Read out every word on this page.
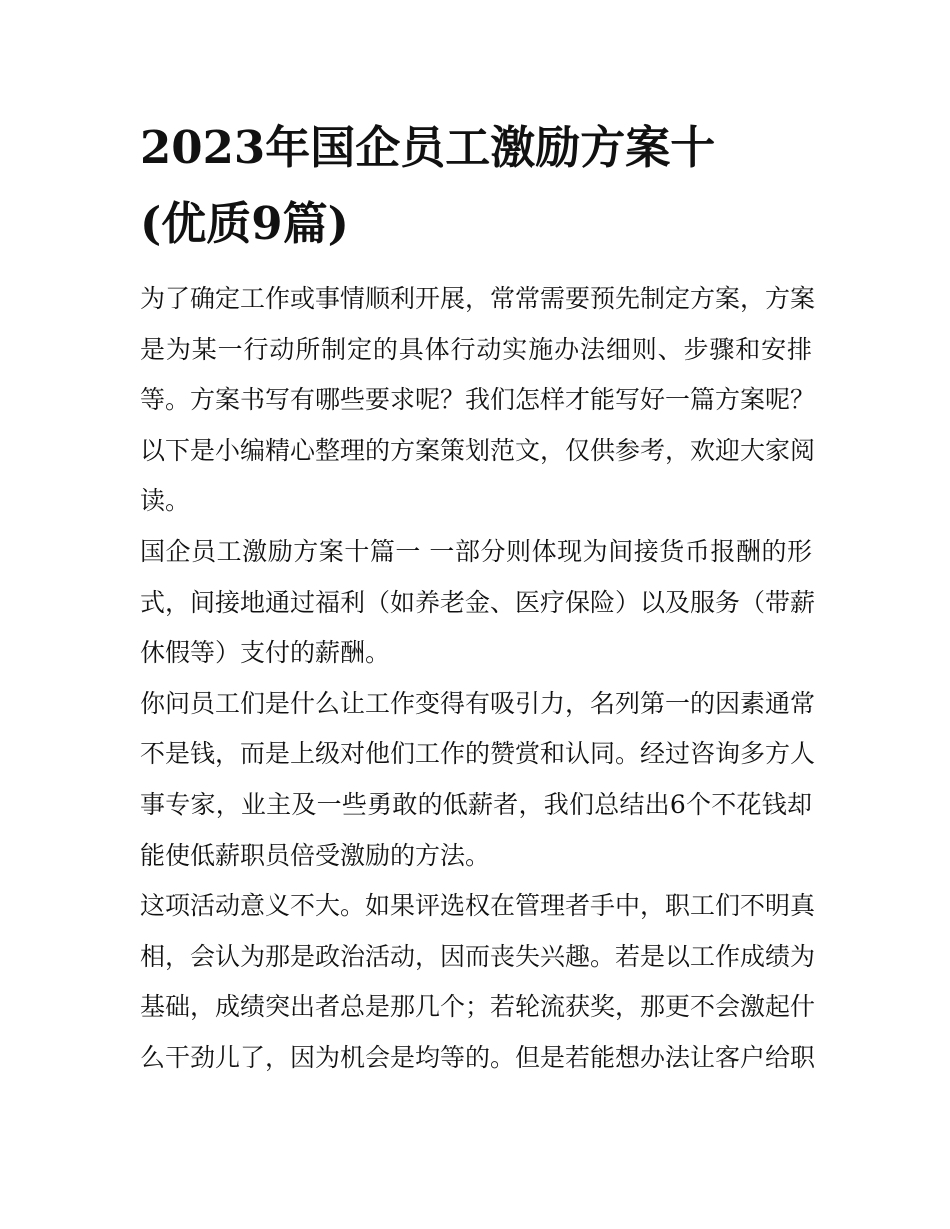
2023年国企员工激励方案十
(优质9篇)

为了确定工作或事情顺利开展，常常需要预先制定方案，方案
是为某一行动所制定的具体行动实施办法细则、步骤和安排
等。方案书写有哪些要求呢？我们怎样才能写好一篇方案呢？
以下是小编精心整理的方案策划范文，仅供参考，欢迎大家阅
读。

国企员工激励方案十篇一 一部分则体现为间接货币报酬的形
式，间接地通过福利（如养老金、医疗保险）以及服务（带薪
休假等）支付的薪酬。

你问员工们是什么让工作变得有吸引力，名列第一的因素通常
不是钱，而是上级对他们工作的赞赏和认同。经过咨询多方人
事专家，业主及一些勇敢的低薪者，我们总结出6个不花钱却
能使低薪职员倍受激励的方法。

这项活动意义不大。如果评选权在管理者手中，职工们不明真
相，会认为那是政治活动，因而丧失兴趣。若是以工作成绩为
基础，成绩突出者总是那几个；若轮流获奖，那更不会激起什
么干劲儿了，因为机会是均等的。但是若能想办法让客户给职
